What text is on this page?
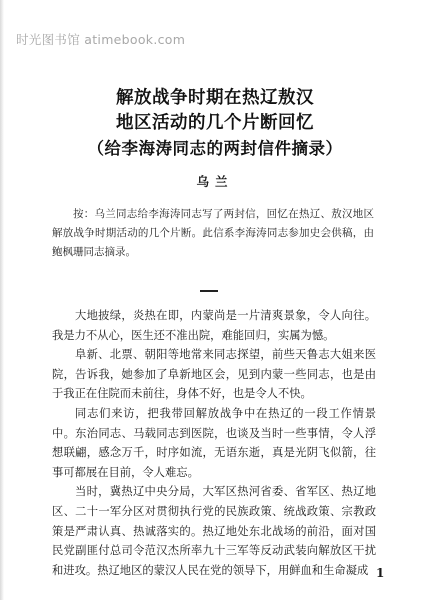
时光图书馆 atimebook.com
解放战争时期在热辽敖汉
地区活动的几个片断回忆
（给李海涛同志的两封信件摘录）
乌兰
按：乌兰同志给李海涛同志写了两封信，回忆在热辽、敖汉地区解放战争时期活动的几个片断。此信系李海涛同志参加史会供稿，由鲍枫珊同志摘录。

大地披绿，炎热在即，内蒙尚是一片清爽景象，令人向往。我是力不从心，医生还不准出院，难能回归，实属为憾。

阜新、北票、朝阳等地常来同志探望，前些天鲁志大姐来医院，告诉我，她参加了阜新地区会，见到内蒙一些同志，也是由于我正在住院而未前往，身体不好，也是令人不快。

同志们来访，把我带回解放战争中在热辽的一段工作情景中。东治同志、马载同志到医院，也谈及当时一些事情，令人浮想联翩，感念万千，时序如流，无语东逝，真是光阴飞似箭，往事可都展在目前，令人难忘。

当时，冀热辽中央分局，大军区热河省委、省军区、热辽地区、二十一军分区对贯彻执行党的民族政策、统战政策、宗教政策是严肃认真、热诚落实的。热辽地处东北战场的前沿，面对国民党副匪付总司令范汉杰所率九十三军等反动武装向解放区干扰和进攻。热辽地区的蒙汉人民在党的领导下，用鲜血和生命凝成 1
